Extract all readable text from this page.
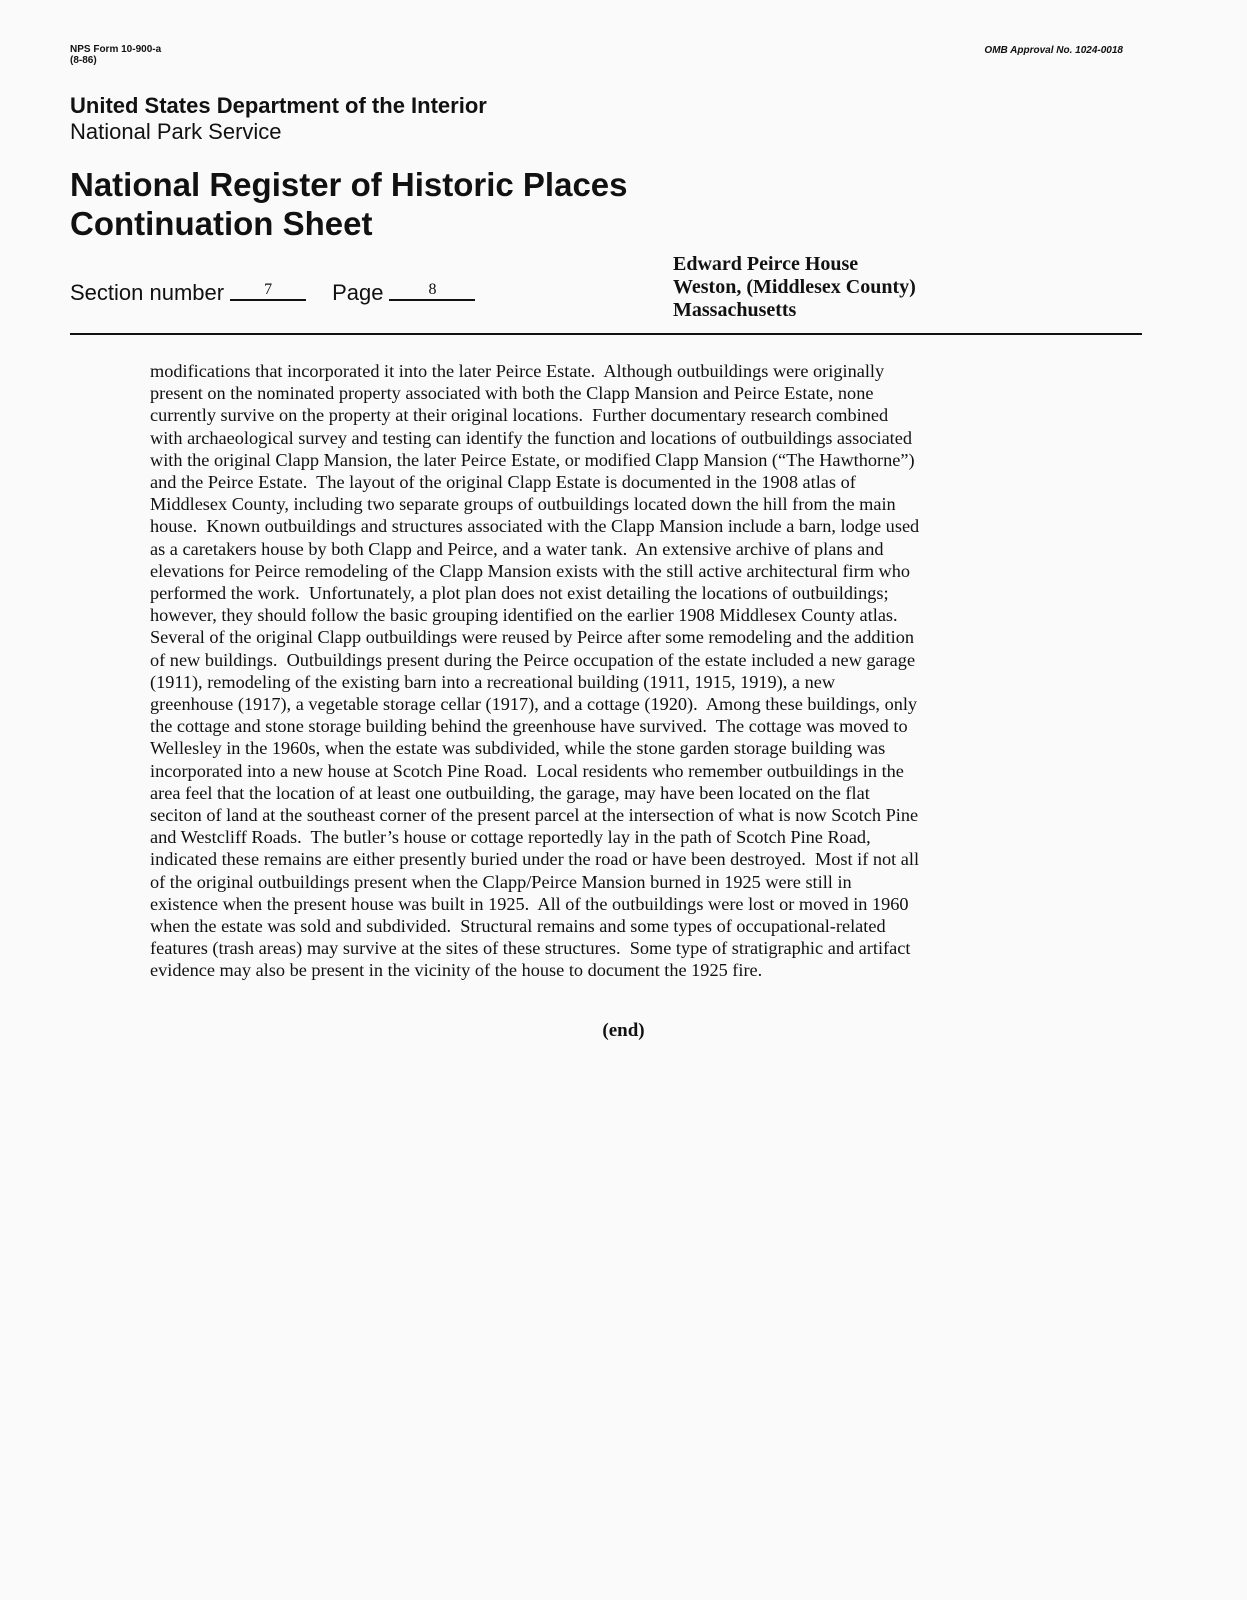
NPS Form 10-900-a
(8-86)
OMB Approval No. 1024-0018
United States Department of the Interior
National Park Service
National Register of Historic Places
Continuation Sheet
Section number	7	Page	8
Edward Peirce House
Weston, (Middlesex County)
Massachusetts
modifications that incorporated it into the later Peirce Estate.  Although outbuildings were originally
present on the nominated property associated with both the Clapp Mansion and Peirce Estate, none
currently survive on the property at their original locations.  Further documentary research combined
with archaeological survey and testing can identify the function and locations of outbuildings associated
with the original Clapp Mansion, the later Peirce Estate, or modified Clapp Mansion (“The Hawthorne”)
and the Peirce Estate.  The layout of the original Clapp Estate is documented in the 1908 atlas of
Middlesex County, including two separate groups of outbuildings located down the hill from the main
house.  Known outbuildings and structures associated with the Clapp Mansion include a barn, lodge used
as a caretakers house by both Clapp and Peirce, and a water tank.  An extensive archive of plans and
elevations for Peirce remodeling of the Clapp Mansion exists with the still active architectural firm who
performed the work.  Unfortunately, a plot plan does not exist detailing the locations of outbuildings;
however, they should follow the basic grouping identified on the earlier 1908 Middlesex County atlas.
Several of the original Clapp outbuildings were reused by Peirce after some remodeling and the addition
of new buildings.  Outbuildings present during the Peirce occupation of the estate included a new garage
(1911), remodeling of the existing barn into a recreational building (1911, 1915, 1919), a new
greenhouse (1917), a vegetable storage cellar (1917), and a cottage (1920).  Among these buildings, only
the cottage and stone storage building behind the greenhouse have survived.  The cottage was moved to
Wellesley in the 1960s, when the estate was subdivided, while the stone garden storage building was
incorporated into a new house at Scotch Pine Road.  Local residents who remember outbuildings in the
area feel that the location of at least one outbuilding, the garage, may have been located on the flat
seciton of land at the southeast corner of the present parcel at the intersection of what is now Scotch Pine
and Westcliff Roads.  The butler’s house or cottage reportedly lay in the path of Scotch Pine Road,
indicated these remains are either presently buried under the road or have been destroyed.  Most if not all
of the original outbuildings present when the Clapp/Peirce Mansion burned in 1925 were still in
existence when the present house was built in 1925.  All of the outbuildings were lost or moved in 1960
when the estate was sold and subdivided.  Structural remains and some types of occupational-related
features (trash areas) may survive at the sites of these structures.  Some type of stratigraphic and artifact
evidence may also be present in the vicinity of the house to document the 1925 fire.
(end)
